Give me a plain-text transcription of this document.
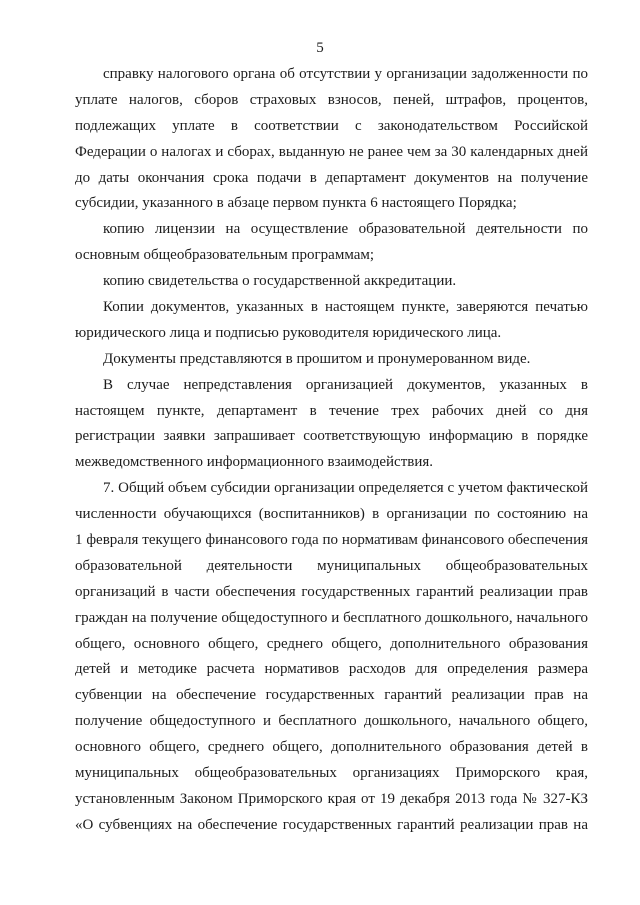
5
справку налогового органа об отсутствии у организации задолженности по
уплате налогов, сборов страховых взносов, пеней, штрафов, процентов,
подлежащих уплате в соответствии с законодательством Российской
Федерации о налогах и сборах, выданную не ранее чем за 30 календарных дней
до даты окончания срока подачи в департамент документов на получение
субсидии, указанного в абзаце первом пункта 6 настоящего Порядка;
копию лицензии на осуществление образовательной деятельности по
основным общеобразовательным программам;
копию свидетельства о государственной аккредитации.
Копии документов, указанных в настоящем пункте, заверяются печатью
юридического лица и подписью руководителя юридического лица.
Документы представляются в прошитом и пронумерованном виде.
В случае непредставления организацией документов, указанных в
настоящем пункте, департамент в течение трех рабочих дней со дня
регистрации заявки запрашивает соответствующую информацию в порядке
межведомственного информационного взаимодействия.
7. Общий объем субсидии организации определяется с учетом фактической
численности обучающихся (воспитанников) в организации по состоянию на
1 февраля текущего финансового года по нормативам финансового обеспечения
образовательной деятельности муниципальных общеобразовательных
организаций в части обеспечения государственных гарантий реализации прав
граждан на получение общедоступного и бесплатного дошкольного, начального
общего, основного общего, среднего общего, дополнительного образования
детей и методике расчета нормативов расходов для определения размера
субвенции на обеспечение государственных гарантий реализации прав на
получение общедоступного и бесплатного дошкольного, начального общего,
основного общего, среднего общего, дополнительного образования детей в
муниципальных общеобразовательных организациях Приморского края,
установленным Законом Приморского края от 19 декабря 2013 года № 327-КЗ
«О субвенциях на обеспечение государственных гарантий реализации прав на
